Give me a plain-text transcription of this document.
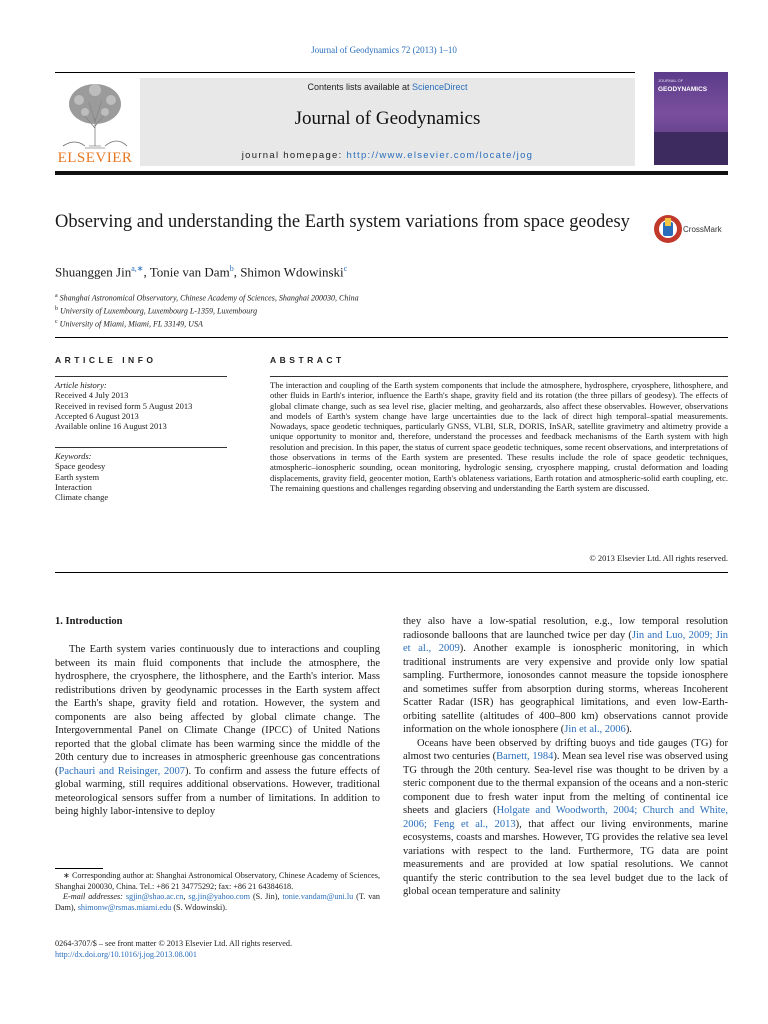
Journal of Geodynamics 72 (2013) 1–10
ELSEVIER
Contents lists available at ScienceDirect
Journal of Geodynamics
journal homepage: http://www.elsevier.com/locate/jog
JOURNAL OF
GEODYNAMICS
Observing and understanding the Earth system variations from space geodesy	CrossMark
Shuanggen Jin$^{a,∗}$, Tonie van Dam$^b$, Shimon Wdowinski$^c$
$^a$ Shanghai Astronomical Observatory, Chinese Academy of Sciences, Shanghai 200030, China
$^b$ University of Luxembourg, Luxembourg L-1359, Luxembourg
$^c$ University of Miami, Miami, FL 33149, USA
ARTICLE INFO
Article history:
Received 4 July 2013
Received in revised form 5 August 2013
Accepted 6 August 2013
Available online 16 August 2013
Keywords:
Space geodesy
Earth system
Interaction
Climate change
ABSTRACT
The interaction and coupling of the Earth system components that include the atmosphere, hydrosphere, cryosphere, lithosphere, and other fluids in Earth's interior, influence the Earth's shape, gravity field and its rotation (the three pillars of geodesy). The effects of global climate change, such as sea level rise, glacier melting, and geoharzards, also affect these observables. However, observations and models of Earth's system change have large uncertainties due to the lack of direct high temporal–spatial measurements. Nowadays, space geodetic techniques, particularly GNSS, VLBI, SLR, DORIS, InSAR, satellite gravimetry and altimetry provide a unique opportunity to monitor and, therefore, understand the processes and feedback mechanisms of the Earth system with high resolution and precision. In this paper, the status of current space geodetic techniques, some recent observations, and interpretations of those observations in terms of the Earth system are presented. These results include the role of space geodetic techniques, atmospheric–ionospheric sounding, ocean monitoring, hydrologic sensing, cryosphere mapping, crustal deformation and loading displacements, gravity field, geocenter motion, Earth's oblateness variations, Earth rotation and atmospheric-solid earth coupling, etc. The remaining questions and challenges regarding observing and understanding the Earth system are discussed.
© 2013 Elsevier Ltd. All rights reserved.
1. Introduction

The Earth system varies continuously due to interactions and coupling between its main fluid components that include the atmosphere, the hydrosphere, the cryosphere, the lithosphere, and the Earth's interior. Mass redistributions driven by geodynamic processes in the Earth system affect the Earth's shape, gravity field and rotation. However, the system and components are also being affected by global climate change. The Intergovernmental Panel on Climate Change (IPCC) of United Nations reported that the global climate has been warming since the middle of the 20th century due to increases in atmospheric greenhouse gas concentrations (Pachauri and Reisinger, 2007). To confirm and assess the future effects of global warming, still requires additional observations. However, traditional meteorological sensors suffer from a number of limitations. In addition to being highly labor-intensive to deploy

they also have a low-spatial resolution, e.g., low temporal resolution radiosonde balloons that are launched twice per day (Jin and Luo, 2009; Jin et al., 2009). Another example is ionospheric monitoring, in which traditional instruments are very expensive and provide only low spatial sampling. Furthermore, ionosondes cannot measure the topside ionosphere and sometimes suffer from absorption during storms, whereas Incoherent Scatter Radar (ISR) has geographical limitations, and even low-Earth-orbiting satellite (altitudes of 400–800 km) observations cannot provide information on the whole ionosphere (Jin et al., 2006).

Oceans have been observed by drifting buoys and tide gauges (TG) for almost two centuries (Barnett, 1984). Mean sea level rise was observed using TG through the 20th century. Sea-level rise was thought to be driven by a steric component due to the thermal expansion of the oceans and a non-steric component due to fresh water input from the melting of continental ice sheets and glaciers (Holgate and Woodworth, 2004; Church and White, 2006; Feng et al., 2013), that affect our living environments, marine ecosystems, coasts and marshes. However, TG provides the relative sea level variations with respect to the land. Furthermore, TG data are point measurements and are provided at low spatial resolutions. We cannot quantify the steric contribution to the sea level budget due to the lack of global ocean temperature and salinity

∗ Corresponding author at: Shanghai Astronomical Observatory, Chinese Academy of Sciences, Shanghai 200030, China. Tel.: +86 21 34775292; fax: +86 21 64384618.
E-mail addresses: sgjin@shao.ac.cn, sg.jin@yahoo.com (S. Jin), tonie.vandam@uni.lu (T. van Dam), shimonw@rsmas.miami.edu (S. Wdowinski).
0264-3707/$ – see front matter © 2013 Elsevier Ltd. All rights reserved.
http://dx.doi.org/10.1016/j.jog.2013.08.001
